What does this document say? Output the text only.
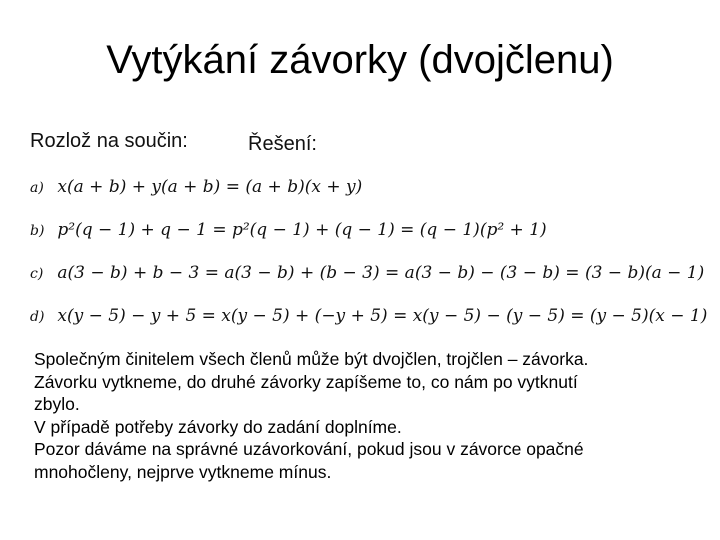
Vytýkání závorky (dvojčlenu)
Rozlož na součin:	Řešení:
a) x(a + b) + y(a + b) = (a + b)(x + y)
b) p²(q − 1) + q − 1 = p²(q − 1) + (q − 1) = (q − 1)(p² + 1)
c) a(3 − b) + b − 3 = a(3 − b) + (b − 3) = a(3 − b) − (3 − b) = (3 − b)(a − 1)
d) x(y − 5) − y + 5 = x(y − 5) + (−y + 5) = x(y − 5) − (y − 5) = (y − 5)(x − 1)

Společným činitelem všech členů může být dvojčlen, trojčlen – závorka.

Závorku vytkneme, do druhé závorky zapíšeme to, co nám po vytknutí

zbylo.

V případě potřeby závorky do zadání doplníme.

Pozor dáváme na správné uzávorkování, pokud jsou v závorce opačné

mnohočleny, nejprve vytkneme mínus.
